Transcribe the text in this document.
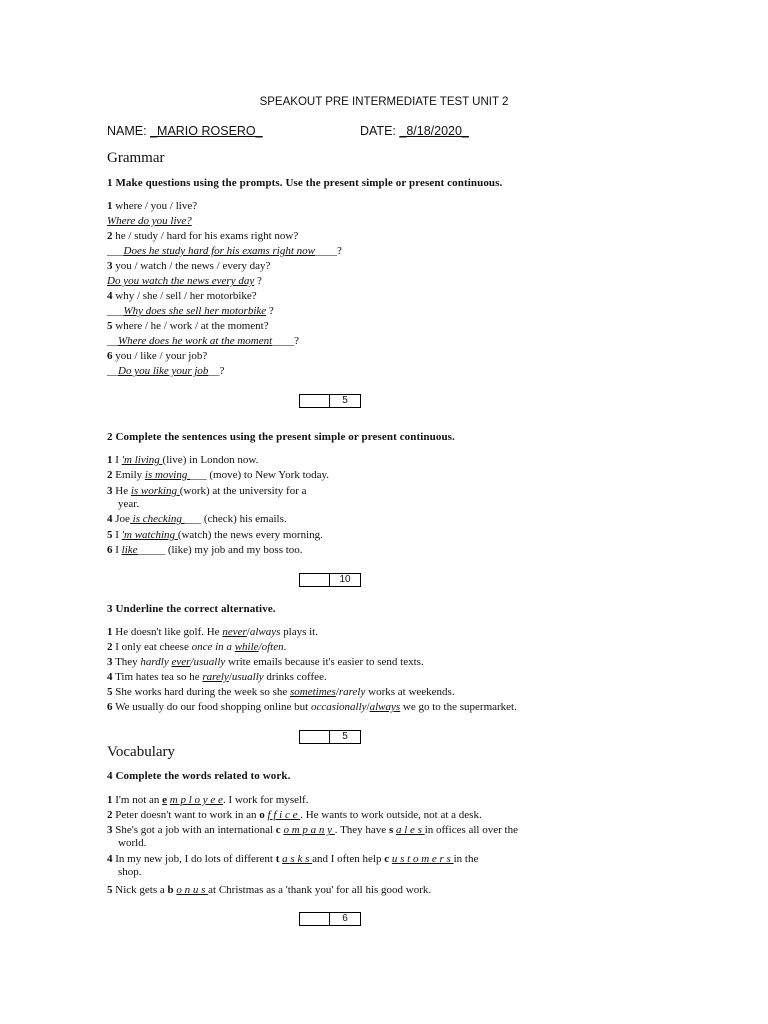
SPEAKOUT PRE INTERMEDIATE TEST UNIT 2
NAME: _MARIO ROSERO_	DATE: _8/18/2020_
Grammar
1 Make questions using the prompts. Use the present simple or present continuous.
1 where / you / live?
Where do you live?
2 he / study / hard for his exams right now?
___Does he study hard for his exams right now____?
3 you / watch / the news / every day?
Do you watch the news every day ?
4 why / she / sell / her motorbike?
___Why does she sell her motorbike ?
5 where / he / work / at the moment?
__Where does he work at the moment____?
6 you / like / your job?
__Do you like your job__?
5
2 Complete the sentences using the present simple or present continuous.
1 I 'm living (live) in London now.
2 Emily is moving ___ (move) to New York today.
3 He is working (work) at the university for a
year.
4 Joe is checking ___ (check) his emails.
5 I 'm watching (watch) the news every morning.
6 I like_____ (like) my job and my boss too.
10
3 Underline the correct alternative.
1 He doesn't like golf. He never/always plays it.
2 I only eat cheese once in a while/often.
3 They hardly ever/usually write emails because it's easier to send texts.
4 Tim hates tea so he rarely/usually drinks coffee.
5 She works hard during the week so she sometimes/rarely works at weekends.
6 We usually do our food shopping online but occasionally/always we go to the supermarket.
5
Vocabulary
4 Complete the words related to work.
1 I'm not an e m p l o y e e. I work for myself.
2 Peter doesn't want to work in an o f f i c e . He wants to work outside, not at a desk.
3 She's got a job with an international c o m p a n y . They have s a l e s in offices all over the
world.
4 In my new job, I do lots of different t a s k s and I often help c u s t o m e r s in the
shop.
5 Nick gets a b o n u s at Christmas as a 'thank you' for all his good work.
6
